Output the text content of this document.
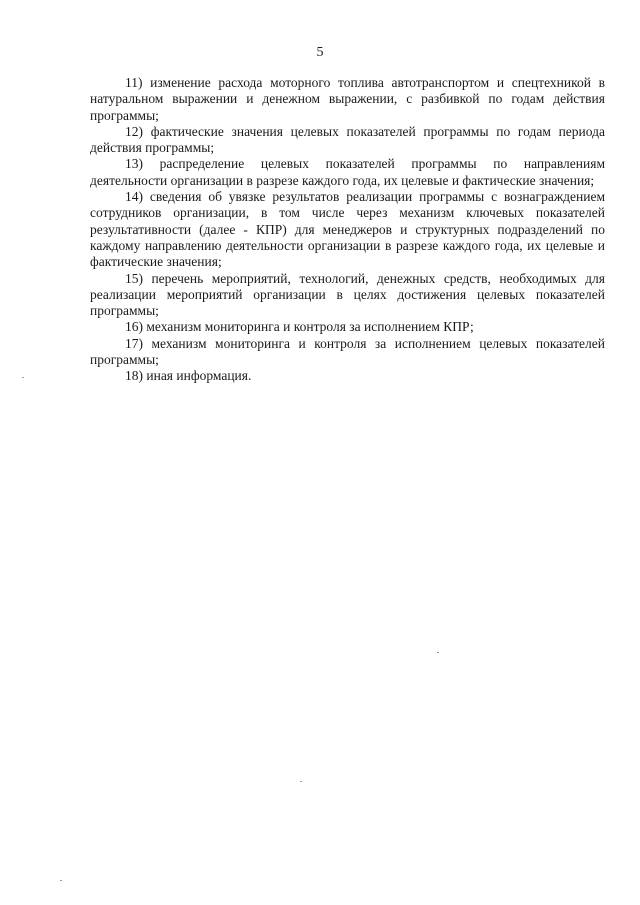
5

11) изменение расхода моторного топлива автотранспортом и спецтехникой в натуральном выражении и денежном выражении, с разбивкой по годам действия программы;

12) фактические значения целевых показателей программы по годам периода действия программы;

13) распределение целевых показателей программы по направлениям деятельности организации в разрезе каждого года, их целевые и фактические значения;

14) сведения об увязке результатов реализации программы с вознаграждением сотрудников организации, в том числе через механизм ключевых показателей результативности (далее - КПР) для менеджеров и структурных подразделений по каждому направлению деятельности организации в разрезе каждого года, их целевые и фактические значения;

15) перечень мероприятий, технологий, денежных средств, необходимых для реализации мероприятий организации в целях достижения целевых показателей программы;

16) механизм мониторинга и контроля за исполнением КПР;

17) механизм мониторинга и контроля за исполнением целевых показателей программы;

18) иная информация.
